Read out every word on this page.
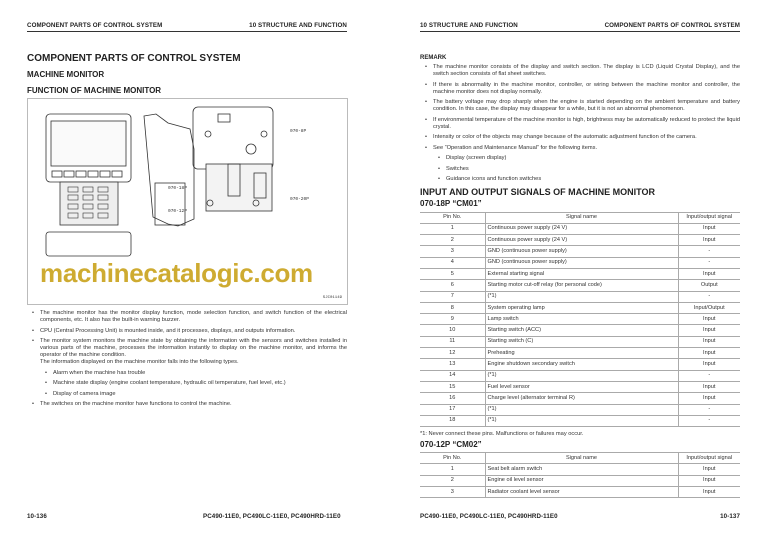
COMPONENT PARTS OF CONTROL SYSTEM	10 STRUCTURE AND FUNCTION
COMPONENT PARTS OF CONTROL SYSTEM
MACHINE MONITOR
FUNCTION OF MACHINE MONITOR
070-8P
070-18P
070-12P
070-20P
SJC01149
machinecatalogic.com
• The machine monitor has the monitor display function, mode selection function, and switch function of the electrical components, etc. It also has the built-in warning buzzer.
• CPU (Central Processing Unit) is mounted inside, and it processes, displays, and outputs information.
• The monitor system monitors the machine state by obtaining the information with the sensors and switches installed in various parts of the machine, processes the information instantly to display on the machine monitor, and informs the operator of the machine condition.
The information displayed on the machine monitor falls into the following types.
• Alarm when the machine has trouble
• Machine state display (engine coolant temperature, hydraulic oil temperature, fuel level, etc.)
• Display of camera image
• The switches on the machine monitor have functions to control the machine.
10-136	PC490-11E0, PC490LC-11E0, PC490HRD-11E0
10 STRUCTURE AND FUNCTION	COMPONENT PARTS OF CONTROL SYSTEM
REMARK
• The machine monitor consists of the display and switch section. The display is LCD (Liquid Crystal Display), and the switch section consists of flat sheet switches.
• If there is abnormality in the machine monitor, controller, or wiring between the machine monitor and controller, the machine monitor does not display normally.
• The battery voltage may drop sharply when the engine is started depending on the ambient temperature and battery condition. In this case, the display may disappear for a while, but it is not an abnormal phenomenon.
• If environmental temperature of the machine monitor is high, brightness may be automatically reduced to protect the liquid crystal.
• Intensity or color of the objects may change because of the automatic adjustment function of the camera.
• See “Operation and Maintenance Manual” for the following items.
• Display (screen display)
• Switches
• Guidance icons and function switches
INPUT AND OUTPUT SIGNALS OF MACHINE MONITOR
070-18P “CM01”
Pin No.	Signal name	Input/output signal
1	Continuous power supply (24 V)	Input
2	Continuous power supply (24 V)	Input
3	GND (continuous power supply)	-
4	GND (continuous power supply)	-
5	External starting signal	Input
6	Starting motor cut-off relay (for personal code)	Output
7	(*1)	-
8	System operating lamp	Input/Output
9	Lamp switch	Input
10	Starting switch (ACC)	Input
11	Starting switch (C)	Input
12	Preheating	Input
13	Engine shutdown secondary switch	Input
14	(*1)	-
15	Fuel level sensor	Input
16	Charge level (alternator terminal R)	Input
17	(*1)	-
18	(*1)	-
*1: Never connect these pins. Malfunctions or failures may occur.
070-12P “CM02”
Pin No.	Signal name	Input/output signal
1	Seat belt alarm switch	Input
2	Engine oil level sensor	Input
3	Radiator coolant level sensor	Input
PC490-11E0, PC490LC-11E0, PC490HRD-11E0	10-137
